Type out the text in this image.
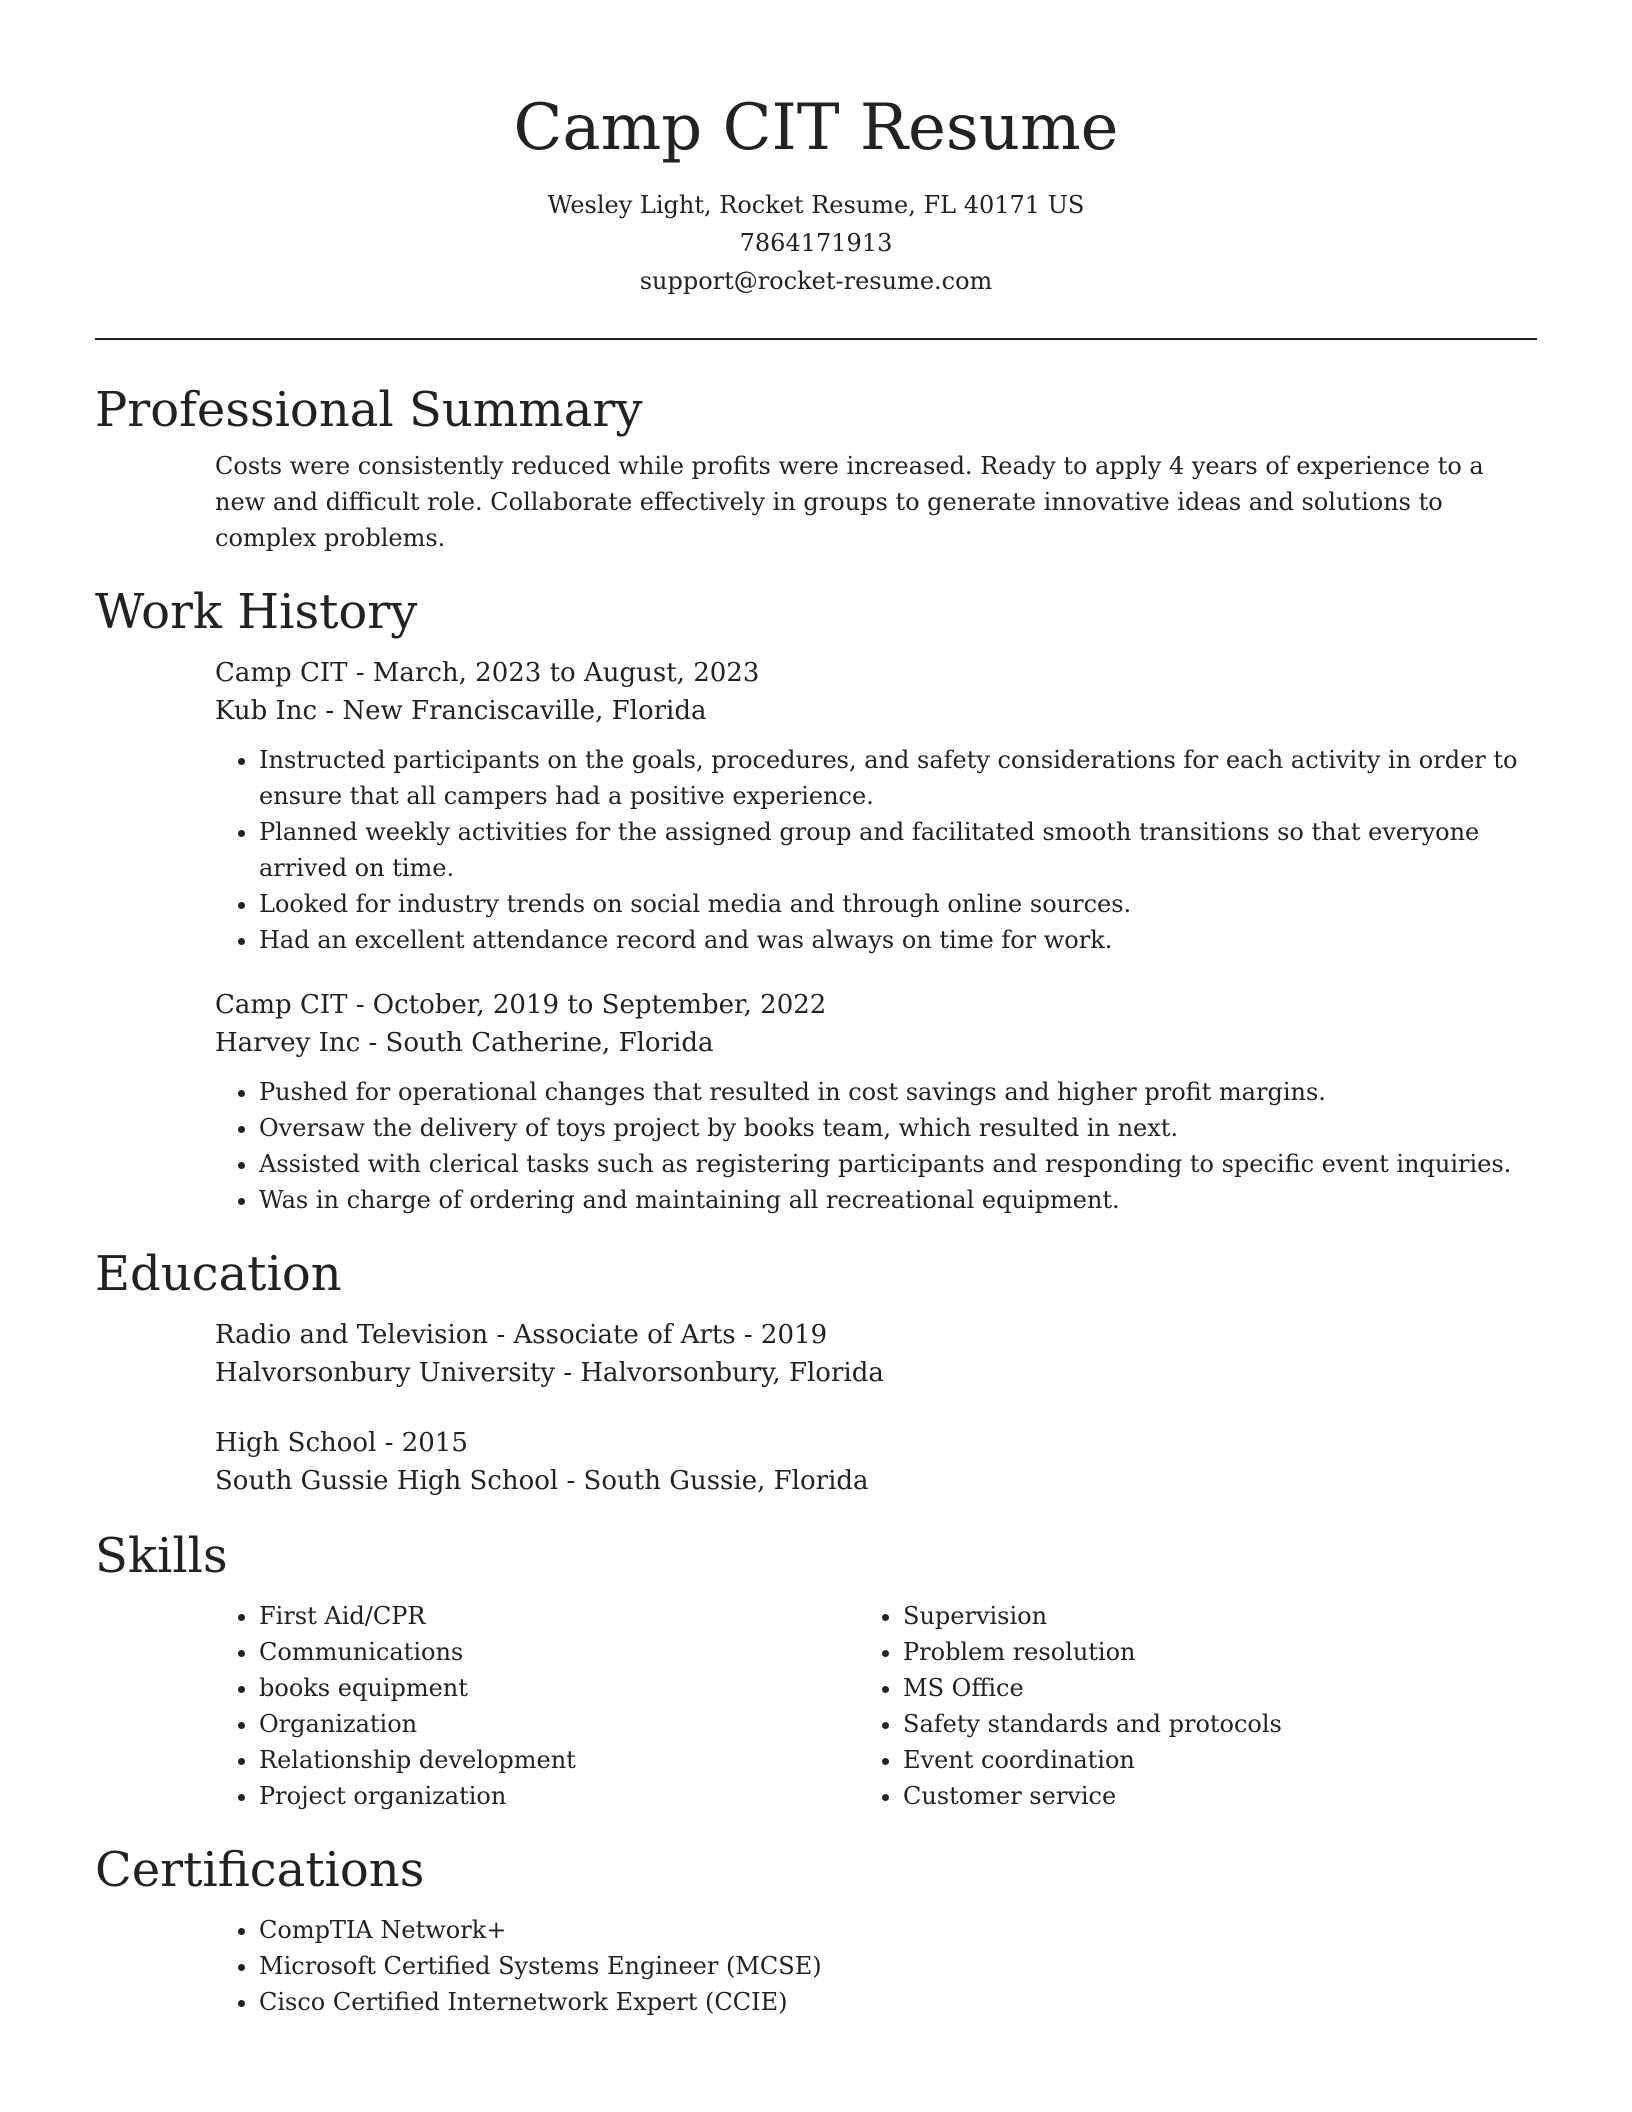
Camp CIT Resume
Wesley Light, Rocket Resume, FL 40171 US
7864171913
support@rocket-resume.com
Professional Summary

Costs were consistently reduced while profits were increased. Ready to apply 4 years of experience to a new and difficult role. Collaborate effectively in groups to generate innovative ideas and solutions to complex problems.

Work History
Camp CIT - March, 2023 to August, 2023
Kub Inc - New Franciscaville, Florida
• Instructed participants on the goals, procedures, and safety considerations for each activity in order to ensure that all campers had a positive experience.
• Planned weekly activities for the assigned group and facilitated smooth transitions so that everyone arrived on time.
• Looked for industry trends on social media and through online sources.
• Had an excellent attendance record and was always on time for work.
Camp CIT - October, 2019 to September, 2022
Harvey Inc - South Catherine, Florida
• Pushed for operational changes that resulted in cost savings and higher profit margins.
• Oversaw the delivery of toys project by books team, which resulted in next.
• Assisted with clerical tasks such as registering participants and responding to specific event inquiries.
• Was in charge of ordering and maintaining all recreational equipment.
Education
Radio and Television - Associate of Arts - 2019
Halvorsonbury University - Halvorsonbury, Florida
High School - 2015
South Gussie High School - South Gussie, Florida
Skills
• First Aid/CPR
• Communications
• books equipment
• Organization
• Relationship development
• Project organization
• Supervision
• Problem resolution
• MS Office
• Safety standards and protocols
• Event coordination
• Customer service
Certifications
• CompTIA Network+
• Microsoft Certified Systems Engineer (MCSE)
• Cisco Certified Internetwork Expert (CCIE)
